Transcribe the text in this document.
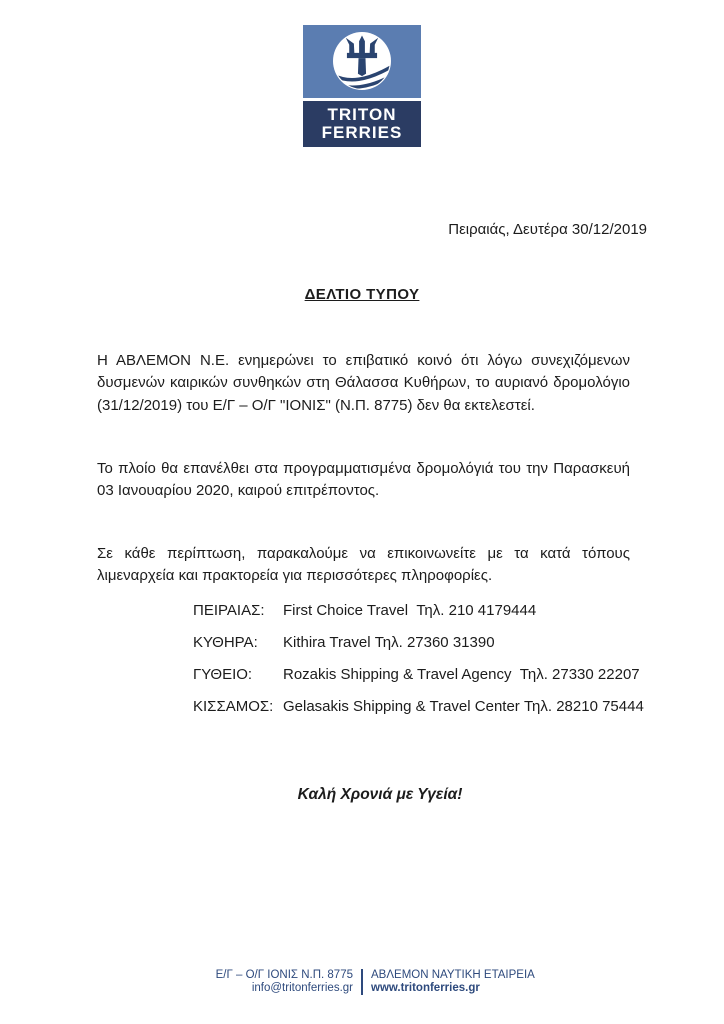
TRITON
FERRIES
Πειραιάς, Δευτέρα 30/12/2019
ΔΕΛΤΙΟ ΤΥΠΟΥ

Η ΑΒΛΕΜΟΝ Ν.Ε. ενημερώνει το επιβατικό κοινό ότι λόγω συνεχιζόμενων δυσμενών καιρικών συνθηκών στη Θάλασσα Κυθήρων, το αυριανό δρομολόγιο (31/12/2019) του Ε/Γ – Ο/Γ "ΙΟΝΙΣ" (Ν.Π. 8775) δεν θα εκτελεστεί.

Το πλοίο θα επανέλθει στα προγραμματισμένα δρομολόγιά του την Παρασκευή 03 Ιανουαρίου 2020, καιρού επιτρέποντος.

Σε κάθε περίπτωση, παρακαλούμε να επικοινωνείτε με τα κατά τόπους λιμεναρχεία και πρακτορεία για περισσότερες πληροφορίες.

ΠΕΙΡΑΙΑΣ:	First Choice Travel  Τηλ. 210 4179444
ΚΥΘΗΡΑ:	Kithira Travel Τηλ. 27360 31390
ΓΥΘΕΙΟ:	Rozakis Shipping & Travel Agency  Τηλ. 27330 22207
ΚΙΣΣΑΜΟΣ: Gelasakis Shipping & Travel Center Τηλ. 28210 75444
Καλή Χρονιά με Υγεία!
Ε/Γ – Ο/Γ ΙΟΝΙΣ Ν.Π. 8775
info@tritonferries.gr
ΑΒΛΕΜΟΝ ΝΑΥΤΙΚΗ ΕΤΑΙΡΕΙΑ
www.tritonferries.gr
